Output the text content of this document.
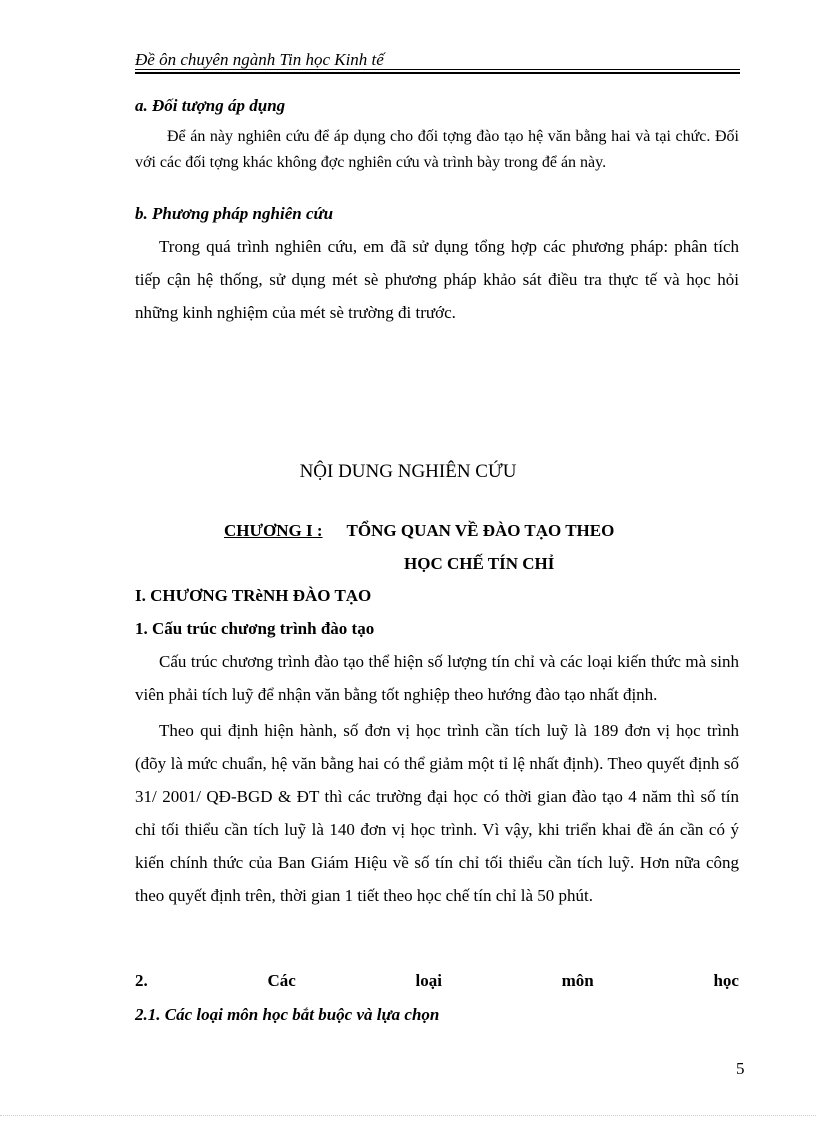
Đề ôn chuyên ngành Tin học Kinh tế
a. Đối tượng áp dụng

Để án này nghiên cứu để áp dụng cho đối tợng đào tạo hệ văn bằng hai và tại chức. Đối với các đối tợng khác không đợc nghiên cứu và trình bày trong để án này.

b. Phương pháp nghiên cứu

Trong quá trình nghiên cứu, em đã sử dụng tổng hợp các phương pháp: phân tích tiếp cận hệ thống, sử dụng mét sè phương pháp khảo sát điều tra thực tế và học hỏi những kinh nghiệm của mét sè trường đi trước.

NỘI DUNG NGHIÊN CỨU
CHƯƠNG I : TỔNG QUAN VỀ ĐÀO TẠO THEO
HỌC CHẾ TÍN CHỈ
I. CHƯƠNG TRèNH ĐÀO TẠO
1. Cấu trúc chương trình đào tạo

Cấu trúc chương trình đào tạo thể hiện số lượng tín chỉ và các loại kiến thức mà sinh viên phải tích luỹ để nhận văn bằng tốt nghiệp theo hướng đào tạo nhất định.

Theo qui định hiện hành, số đơn vị học trình cần tích luỹ là 189 đơn vị học trình (đõy là mức chuẩn, hệ văn bằng hai có thể giảm một tỉ lệ nhất định). Theo quyết định số 31/ 2001/ QĐ-BGD & ĐT thì các trường đại học có thời gian đào tạo 4 năm thì số tín chỉ tối thiểu cần tích luỹ là 140 đơn vị học trình. Vì vậy, khi triển khai đề án cần có ý kiến chính thức của Ban Giám Hiệu về số tín chỉ tối thiểu cần tích luỹ. Hơn nữa công theo quyết định trên, thời gian 1 tiết theo học chế tín chỉ là 50 phút.

2.	Các	loại	môn	học
2.1. Các loại môn học bắt buộc và lựa chọn
5
